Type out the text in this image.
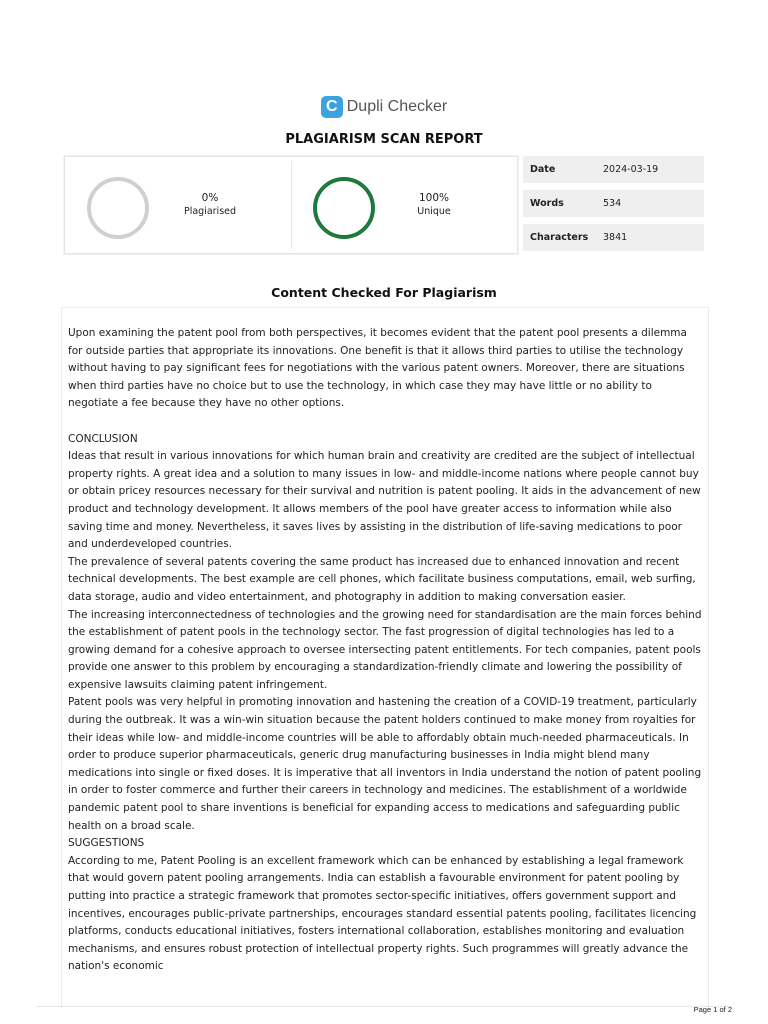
C Dupli Checker
PLAGIARISM SCAN REPORT
0%
Plagiarised
100%
Unique
Date	2024-03-19
Words	534
Characters 3841
Content Checked For Plagiarism

Upon examining the patent pool from both perspectives, it becomes evident that the patent pool presents a dilemma for outside parties that appropriate its innovations. One benefit is that it allows third parties to utilise the technology without having to pay significant fees for negotiations with the various patent owners. Moreover, there are situations when third parties have no choice but to use the technology, in which case they may have little or no ability to negotiate a fee because they have no other options.

CONCLUSION

Ideas that result in various innovations for which human brain and creativity are credited are the subject of intellectual property rights. A great idea and a solution to many issues in low- and middle-income nations where people cannot buy or obtain pricey resources necessary for their survival and nutrition is patent pooling. It aids in the advancement of new product and technology development. It allows members of the pool have greater access to information while also saving time and money. Nevertheless, it saves lives by assisting in the distribution of life-saving medications to poor and underdeveloped countries.

The prevalence of several patents covering the same product has increased due to enhanced innovation and recent technical developments. The best example are cell phones, which facilitate business computations, email, web surfing, data storage, audio and video entertainment, and photography in addition to making conversation easier.

The increasing interconnectedness of technologies and the growing need for standardisation are the main forces behind the establishment of patent pools in the technology sector. The fast progression of digital technologies has led to a growing demand for a cohesive approach to oversee intersecting patent entitlements. For tech companies, patent pools provide one answer to this problem by encouraging a standardization-friendly climate and lowering the possibility of expensive lawsuits claiming patent infringement.

Patent pools was very helpful in promoting innovation and hastening the creation of a COVID-19 treatment, particularly during the outbreak. It was a win-win situation because the patent holders continued to make money from royalties for their ideas while low- and middle-income countries will be able to affordably obtain much-needed pharmaceuticals. In order to produce superior pharmaceuticals, generic drug manufacturing businesses in India might blend many medications into single or fixed doses. It is imperative that all inventors in India understand the notion of patent pooling in order to foster commerce and further their careers in technology and medicines. The establishment of a worldwide pandemic patent pool to share inventions is beneficial for expanding access to medications and safeguarding public health on a broad scale.

SUGGESTIONS

According to me, Patent Pooling is an excellent framework which can be enhanced by establishing a legal framework that would govern patent pooling arrangements. India can establish a favourable environment for patent pooling by putting into practice a strategic framework that promotes sector-specific initiatives, offers government support and incentives, encourages public-private partnerships, encourages standard essential patents pooling, facilitates licencing platforms, conducts educational initiatives, fosters international collaboration, establishes monitoring and evaluation mechanisms, and ensures robust protection of intellectual property rights. Such programmes will greatly advance the nation's economic

Page 1 of 2
